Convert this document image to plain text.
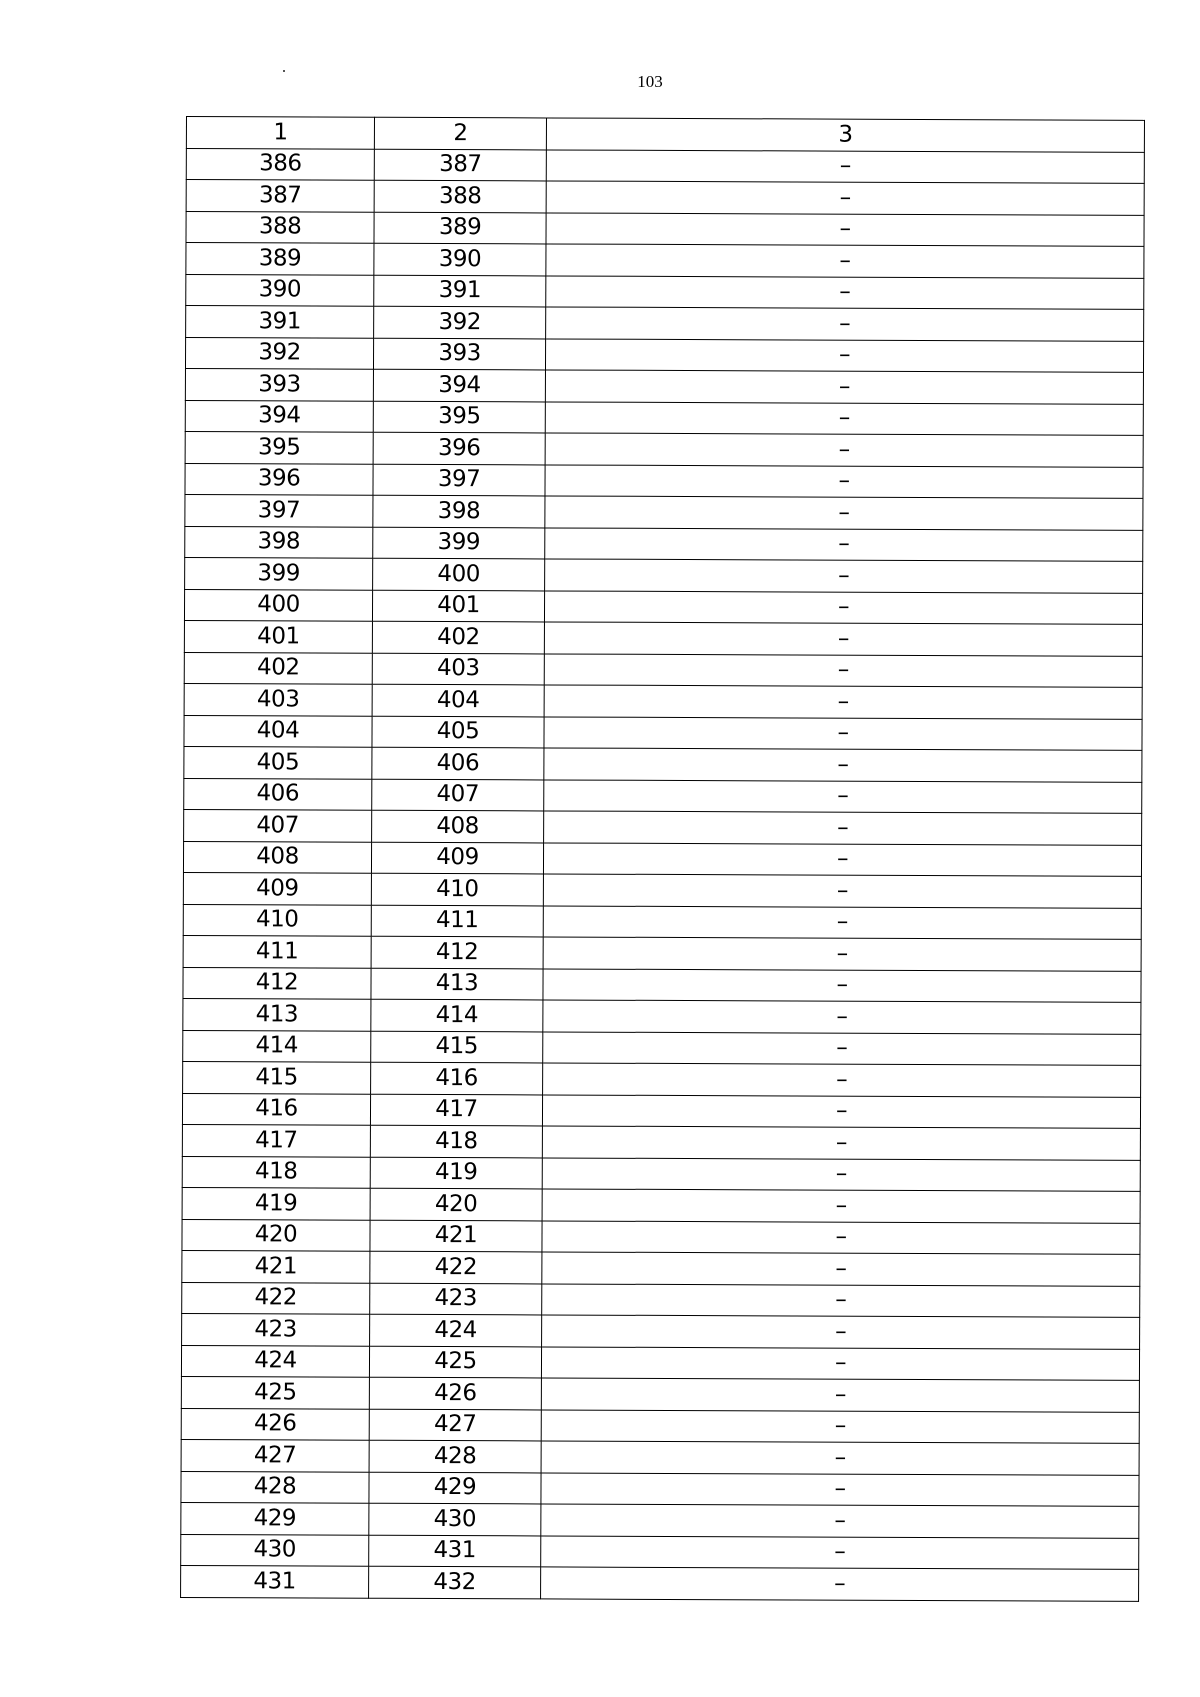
103
1	2	3
386	387	–
387	388	–
388	389	–
389	390	–
390	391	–
391	392	–
392	393	–
393	394	–
394	395	–
395	396	–
396	397	–
397	398	–
398	399	–
399	400	–
400	401	–
401	402	–
402	403	–
403	404	–
404	405	–
405	406	–
406	407	–
407	408	–
408	409	–
409	410	–
410	411	–
411	412	–
412	413	–
413	414	–
414	415	–
415	416	–
416	417	–
417	418	–
418	419	–
419	420	–
420	421	–
421	422	–
422	423	–
423	424	–
424	425	–
425	426	–
426	427	–
427	428	–
428	429	–
429	430	–
430	431	–
431	432	–
